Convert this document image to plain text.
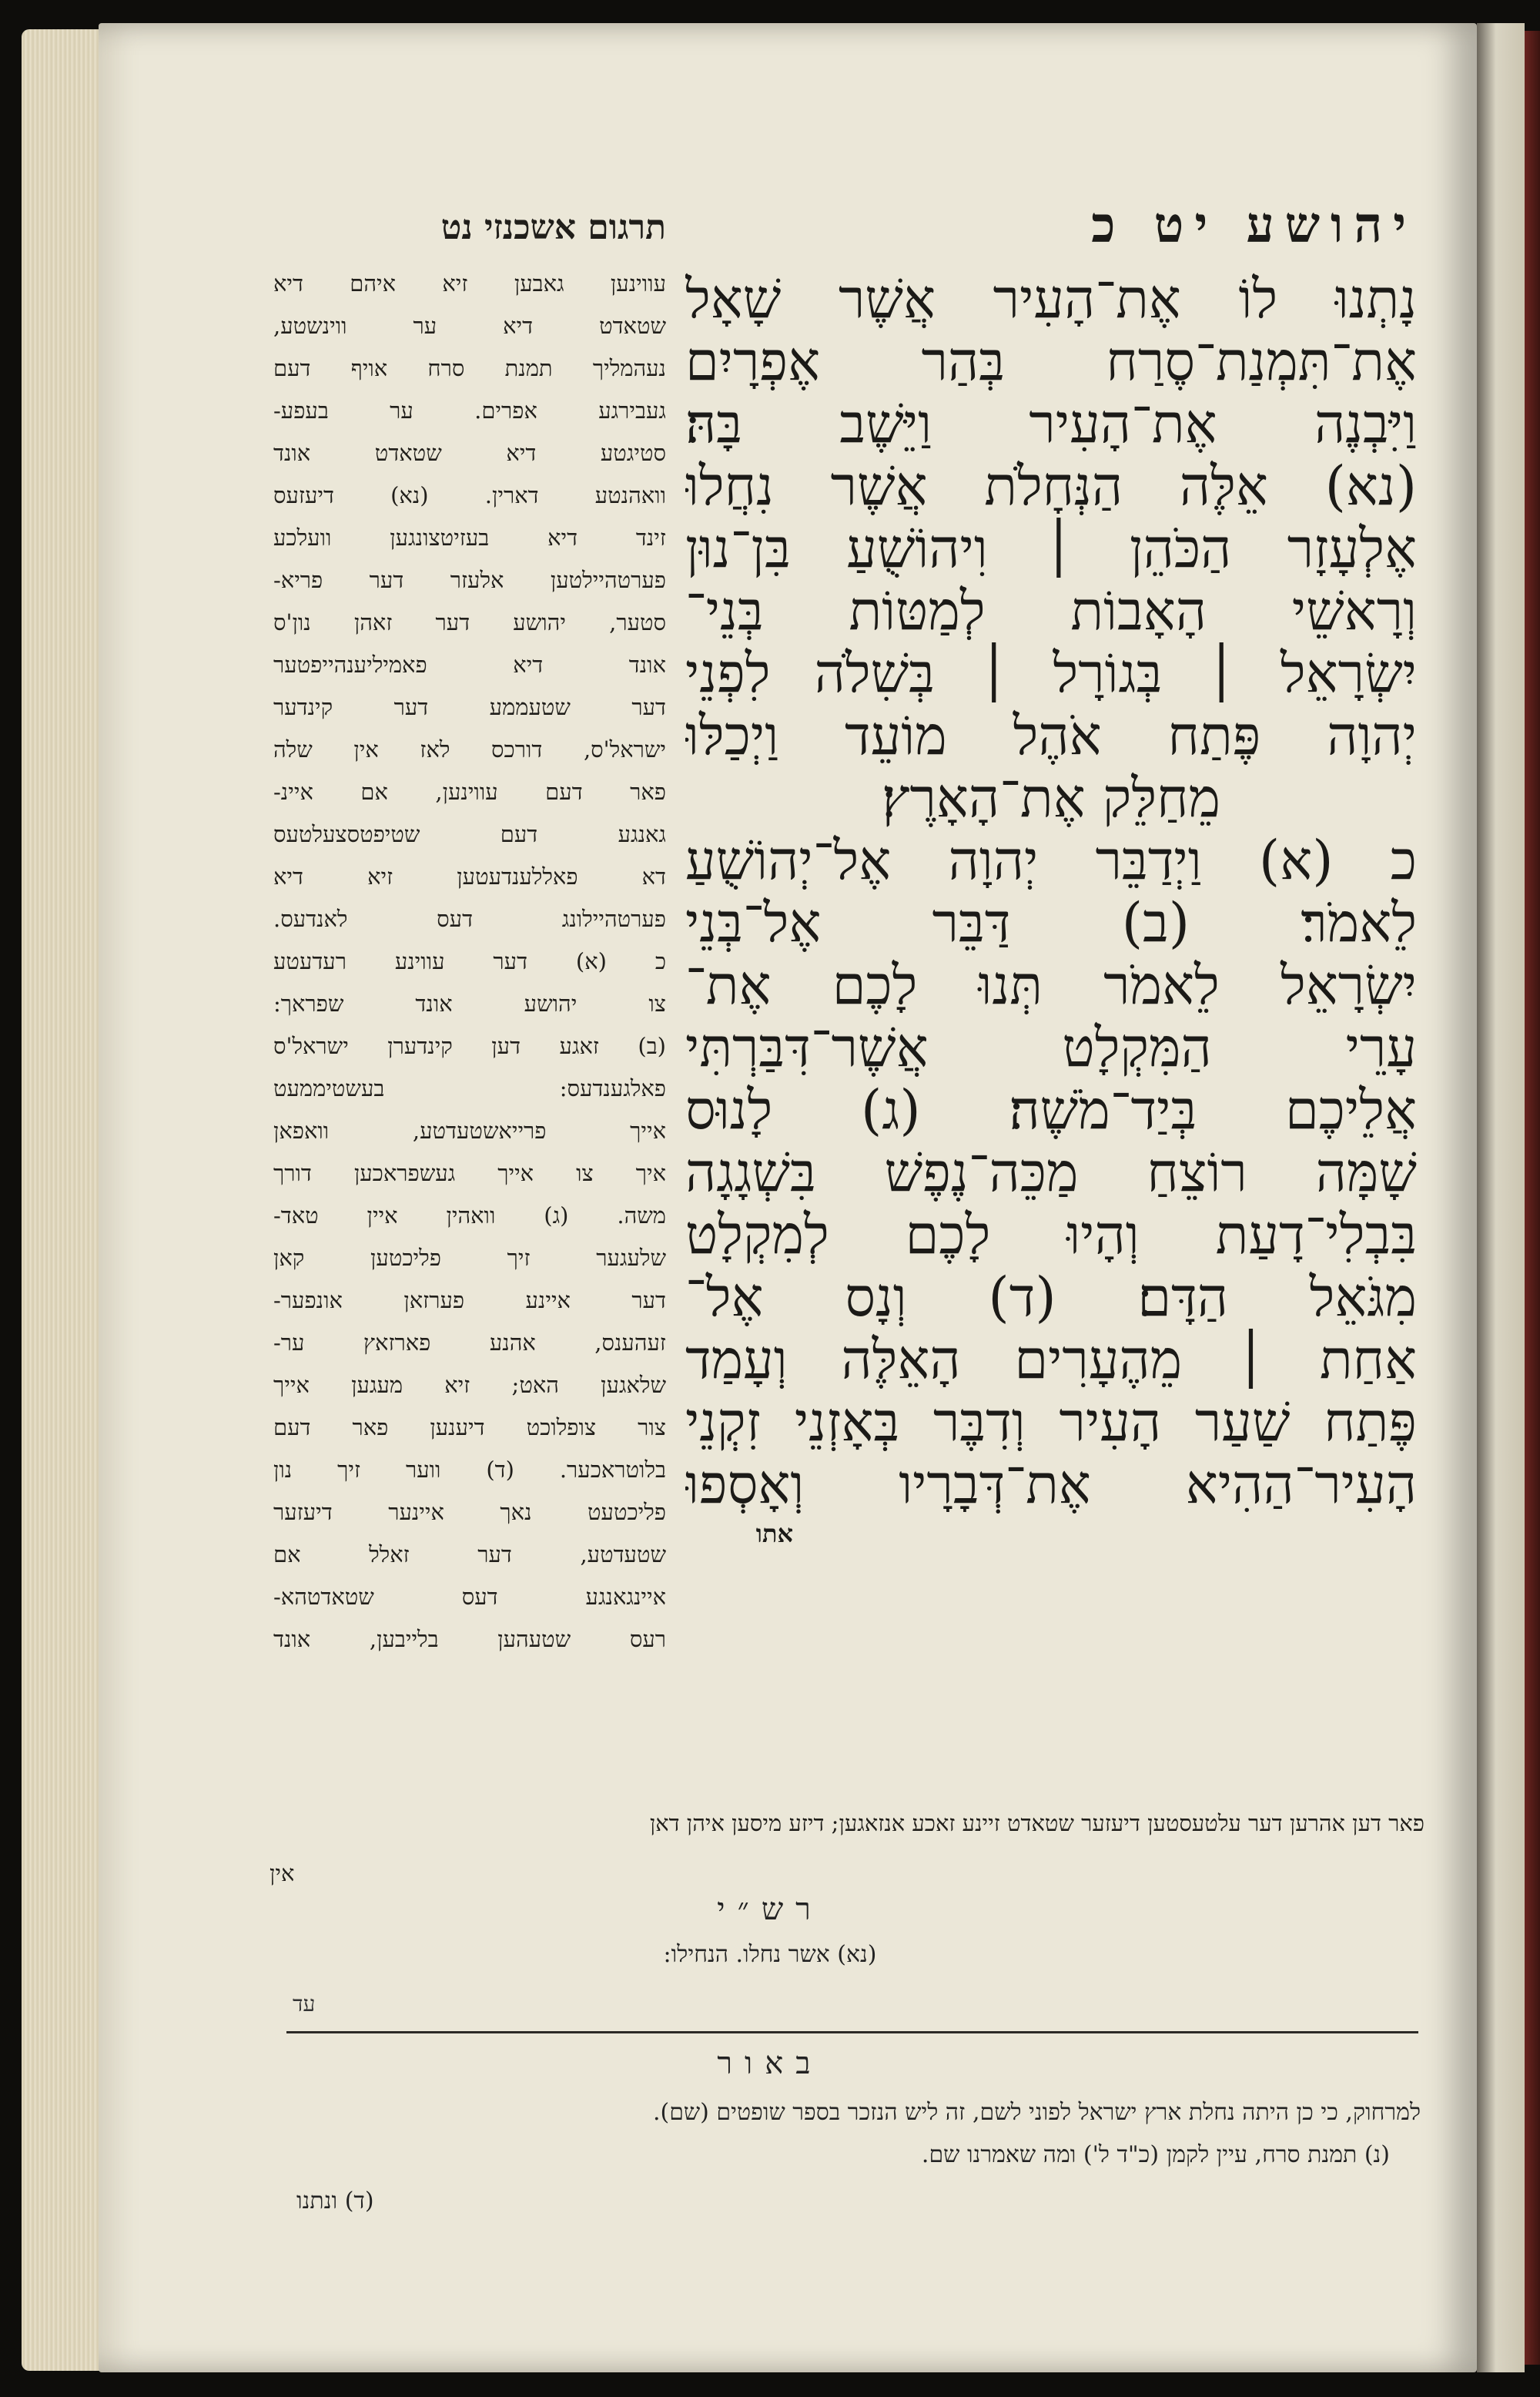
יהושע יט כ
נָתְנוּ לוֹ אֶת־הָעִיר אֲשֶׁר שָׁאָל
אֶת־תִּמְנַת־סֶרַח בְּהַר אֶפְרָיִם
וַיִּבְנֶה אֶת־הָעִיר וַיֵּשֶׁב בָּהּ׃
(נא) אֵלֶּה הַנְּחָלֹת אֲשֶׁר נִחֲלוּ
אֶלְעָזָר הַכֹּהֵן ׀ וִיהוֹשֻׁעַ בִּן־נוּן
וְרָאשֵׁי הָאָבוֹת לְמַטּוֹת בְּנֵי־
יִשְׂרָאֵל ׀ בְּגוֹרָל ׀ בְּשִׁלֹה לִפְנֵי
יְהוָה פֶּתַח אֹהֶל מוֹעֵד וַיְכַלּוּ
מֵחַלֵּק אֶת־הָאָרֶץ׃
כ (א) וַיְדַבֵּר יְהוָה אֶל־יְהוֹשֻׁעַ
לֵאמֹר׃ (ב) דַּבֵּר אֶל־בְּנֵי
יִשְׂרָאֵל לֵאמֹר תְּנוּ לָכֶם אֶת־
עָרֵי הַמִּקְלָט אֲשֶׁר־דִּבַּרְתִּי
אֲלֵיכֶם בְּיַד־מֹשֶׁה׃ (ג) לָנוּס
שָׁמָּה רוֹצֵחַ מַכֵּה־נֶפֶשׁ בִּשְׁגָגָה
בִּבְלִי־דָעַת וְהָיוּ לָכֶם לְמִקְלָט
מִגֹּאֵל הַדָּם׃ (ד) וְנָס אֶל־
אַחַת ׀ מֵהֶעָרִים הָאֵלֶּה וְעָמַד
פֶּתַח שַׁעַר הָעִיר וְדִבֶּר בְּאָזְנֵי זִקְנֵי
הָעִיר־הַהִיא אֶת־דְּבָרָיו וְאָסְפוּ
אתו
תרגום אשכנזי נט
עווינען גאבען זיא איהם דיא
שטאדט דיא ער ווינשטע,
נעהמליך תמנת סרח אויף דעם
געבירגע אפרים. ער בעפע-
סטיגטע דיא שטאדט אונד
וואהנטע דארין. (נא) דיעזעס
זינד דיא בעזיטצונגען וועלכע
פערטהיילטען אלעזר דער פריא-
סטער, יהושע דער זאהן נון'ס
אונד דיא פאמיליענהייפטער
דער שטעממע דער קינדער
ישראל'ס, דורכס לאז אין שלה
פאר דעם עווינען, אם איינ-
גאנגע דעם שטיפטסצעלטעס
דא פאללענדעטען זיא דיא
פערטהיילונג דעס לאנדעס.
כ (א) דער עווינע רעדעטע
צו יהושע אונד שפראך:
(ב) זאגע דען קינדערן ישראל'ס
פאלגענדעס: בעשטיממעט
אייך פרייאשטעדטע, וואפאן
איך צו אייך געשפראכען דורך
משה. (ג) וואהין איין טאד-
שלעגער זיך פליכטען קאן
דער איינע פערזאן אונפער-
זעהענס, אהנע פארזאץ ער-
שלאגען האט; זיא מעגען אייך
צור צופלוכט דיענען פאר דעם
בלוטראכער. (ד) ווער זיך נון
פליכטעט נאך איינער דיעזער
שטעדטע, דער זאלל אם
איינגאנגע דעס שטאדטהא-
רעס שטעהען בלייבען, אונד
פאר דען אהרען דער עלטעסטען דיעזער שטאדט זיינע זאכע אנזאגען; דיזע מיסען איהן דאן
אין
רש״י
(נא) אשר נחלו. הנחילו:
עד
באור
למרחוק, כי כן היתה נחלת ארץ ישראל לפוני לשם, זה ליש הנזכר בספר שופטים (שם).
(נ) תמנת סרח, עיין לקמן (כ"ד ל') ומה שאמרנו שם.
(ד) ונתנו
